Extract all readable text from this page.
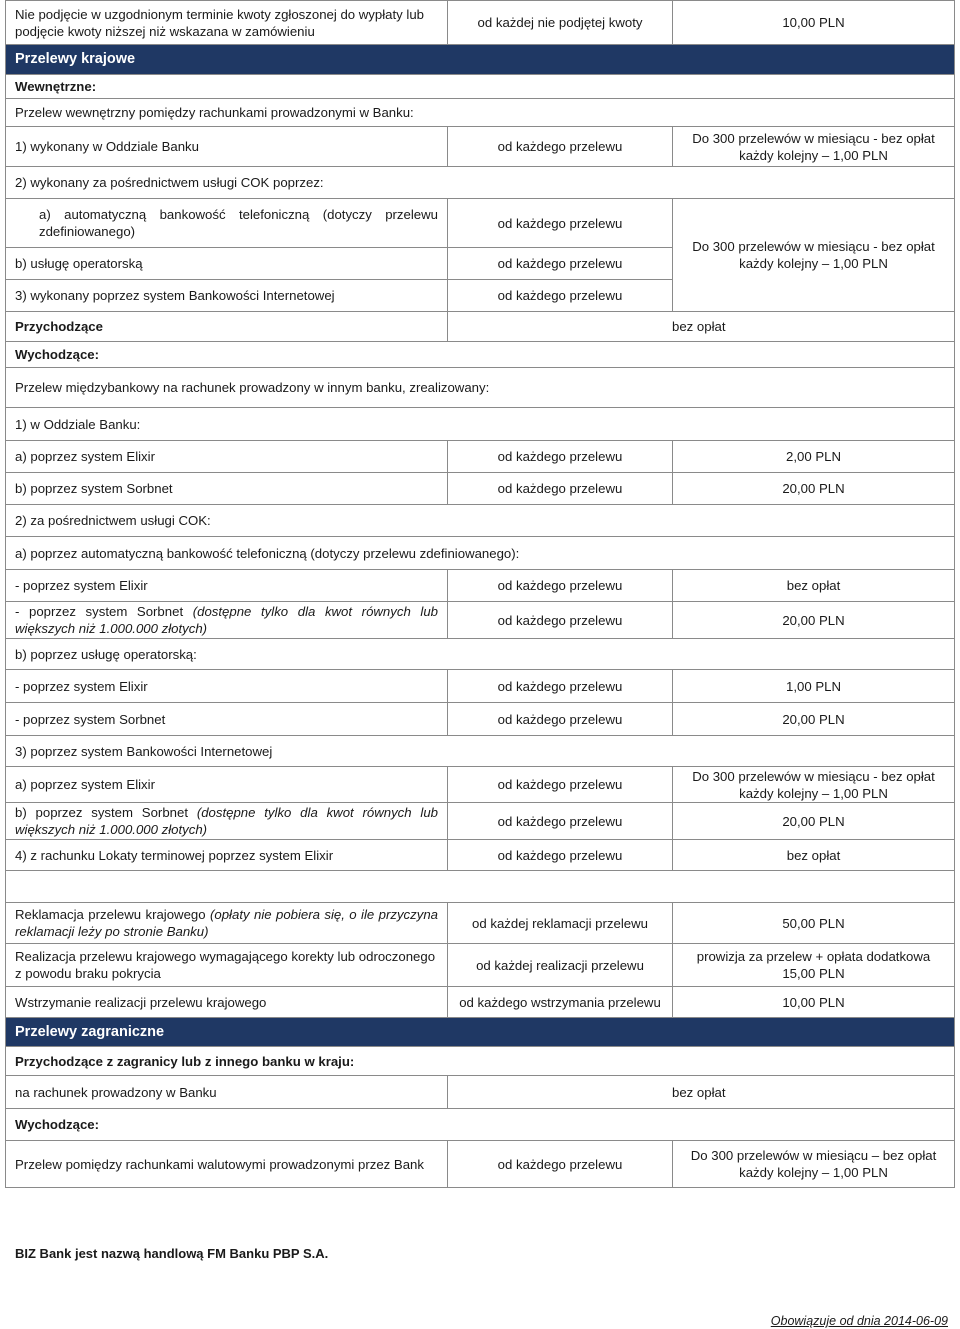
Nie podjęcie w uzgodnionym terminie kwoty zgłoszonej do wypłaty lub podjęcie kwoty niższej niż wskazana w zamówieniu	od każdej nie podjętej kwoty	10,00 PLN
Przelewy krajowe		
Wewnętrzne:		
Przelew wewnętrzny pomiędzy rachunkami prowadzonymi w Banku:		
1) wykonany w Oddziale Banku	od każdego przelewu	Do 300 przelewów w miesiącu - bez opłat
każdy kolejny – 1,00 PLN

2) wykonany za pośrednictwem usługi COK poprzez:		
a) automatyczną bankowość telefoniczną (dotyczy przelewu zdefiniowanego)	od każdego przelewu	Do 300 przelewów w miesiącu - bez opłat
każdy kolejny – 1,00 PLN

b) usługę operatorską	od każdego przelewu	
3) wykonany poprzez system Bankowości Internetowej	od każdego przelewu	
Przychodzące	bez opłat	
Wychodzące:		
Przelew międzybankowy na rachunek prowadzony w innym banku, zrealizowany:		
1) w Oddziale Banku:		
a) poprzez system Elixir	od każdego przelewu	2,00 PLN
b) poprzez system Sorbnet	od każdego przelewu	20,00 PLN
2) za pośrednictwem usługi COK:		
a) poprzez automatyczną bankowość telefoniczną (dotyczy przelewu zdefiniowanego):		
- poprzez system Elixir	od każdego przelewu	bez opłat
- poprzez system Sorbnet (dostępne tylko dla kwot równych lub większych niż 1.000.000 złotych)	od każdego przelewu	20,00 PLN
b) poprzez usługę operatorską:		
- poprzez system Elixir	od każdego przelewu	1,00 PLN
- poprzez system Sorbnet	od każdego przelewu	20,00 PLN
3) poprzez system Bankowości Internetowej		
a) poprzez system Elixir	od każdego przelewu	Do 300 przelewów w miesiącu - bez opłat
każdy kolejny – 1,00 PLN

b) poprzez system Sorbnet (dostępne tylko dla kwot równych lub większych niż 1.000.000 złotych)	od każdego przelewu	20,00 PLN
4) z rachunku Lokaty terminowej poprzez system Elixir	od każdego przelewu	bez opłat

Reklamacja przelewu krajowego (opłaty nie pobiera się, o ile przyczyna reklamacji leży po stronie Banku)	od każdej reklamacji przelewu	50,00 PLN
Realizacja przelewu krajowego wymagającego korekty lub odroczonego z powodu braku pokrycia	od każdej realizacji przelewu	prowizja za przelew + opłata dodatkowa
15,00 PLN

Wstrzymanie realizacji przelewu krajowego	od każdego wstrzymania przelewu	10,00 PLN
Przelewy zagraniczne		
Przychodzące z zagranicy lub z innego banku w kraju:		
na rachunek prowadzony w Banku	bez opłat	
Wychodzące:		
Przelew pomiędzy rachunkami walutowymi prowadzonymi przez Bank	od każdego przelewu	Do 300 przelewów w miesiącu – bez opłat
każdy kolejny – 1,00 PLN
BIZ Bank jest nazwą handlową FM Banku PBP S.A.
Obowiązuje od dnia 2014-06-09
